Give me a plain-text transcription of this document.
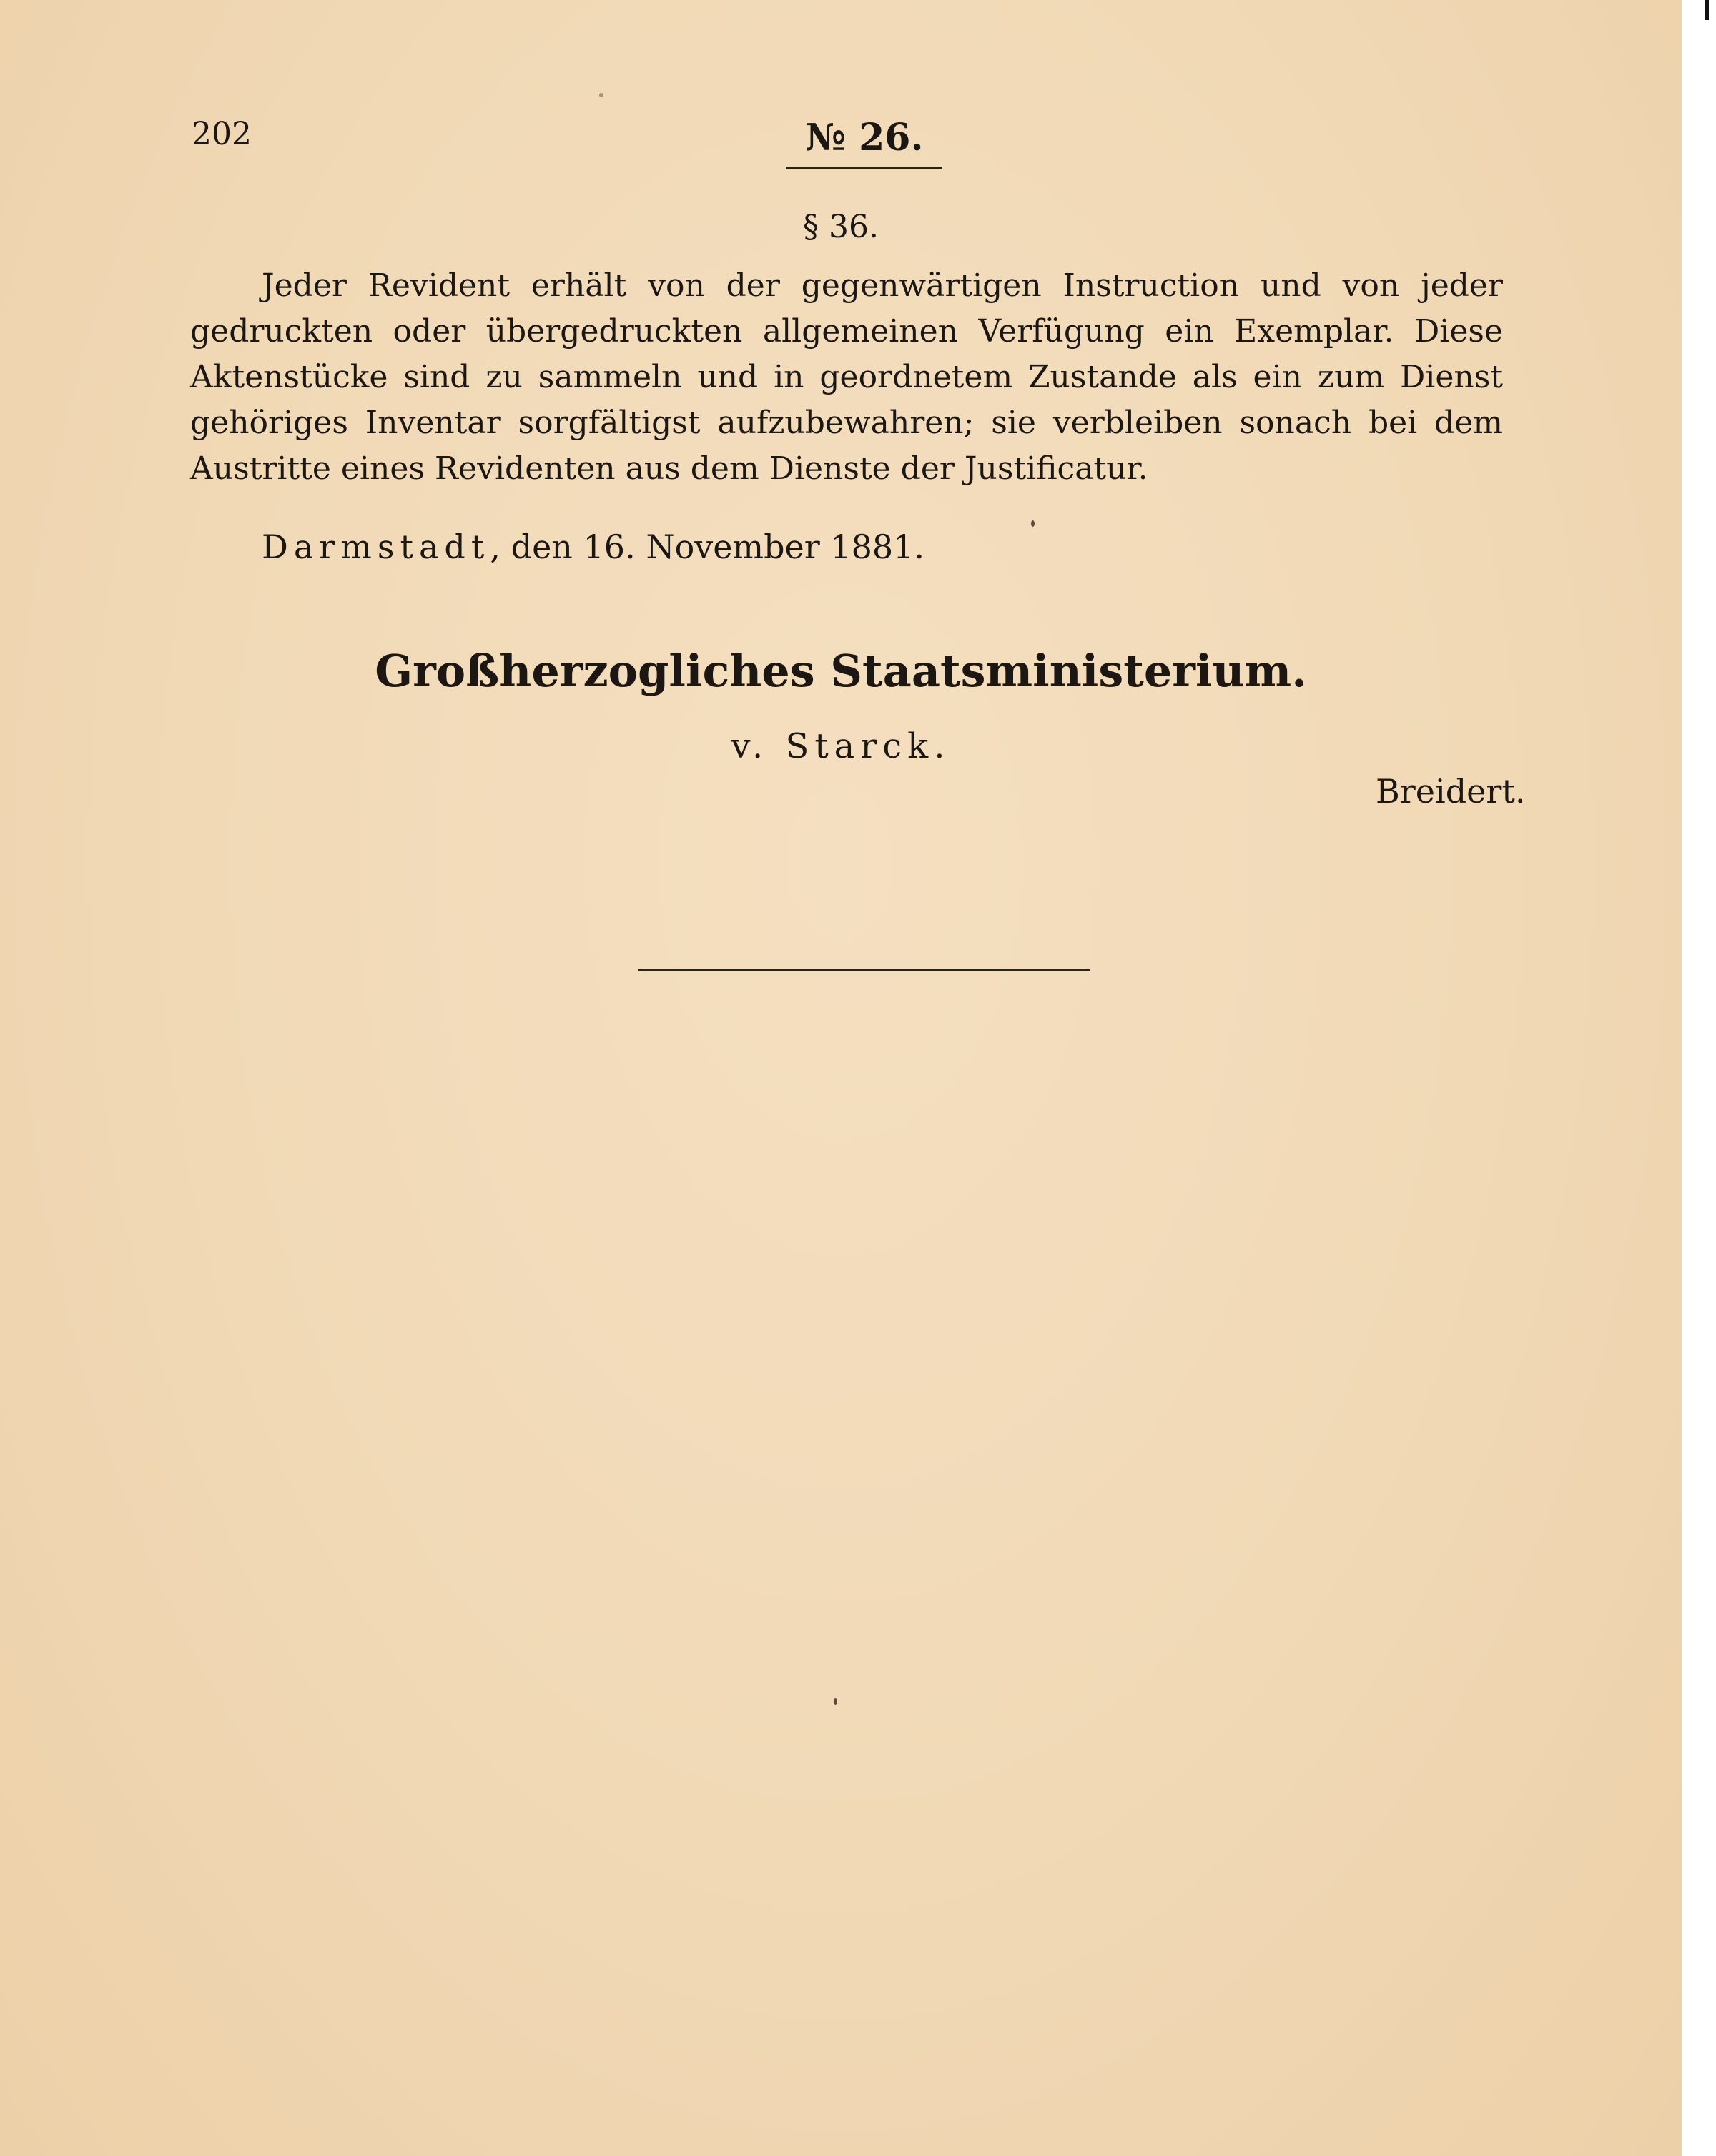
202	№ 26.
§ 36.

Jeder Revident erhält von der gegenwärtigen Instruction und von jeder gedruckten oder übergedruckten allgemeinen Verfügung ein Exemplar. Diese Aktenstücke sind zu sammeln und in geordnetem Zustande als ein zum Dienst gehöriges Inventar sorgfältigst aufzubewahren; sie verbleiben sonach bei dem Austritte eines Revidenten aus dem Dienste der Justificatur.

Darmstadt, den 16. November 1881.
Großherzogliches Staatsministerium.
v. Starck.
Breidert.
